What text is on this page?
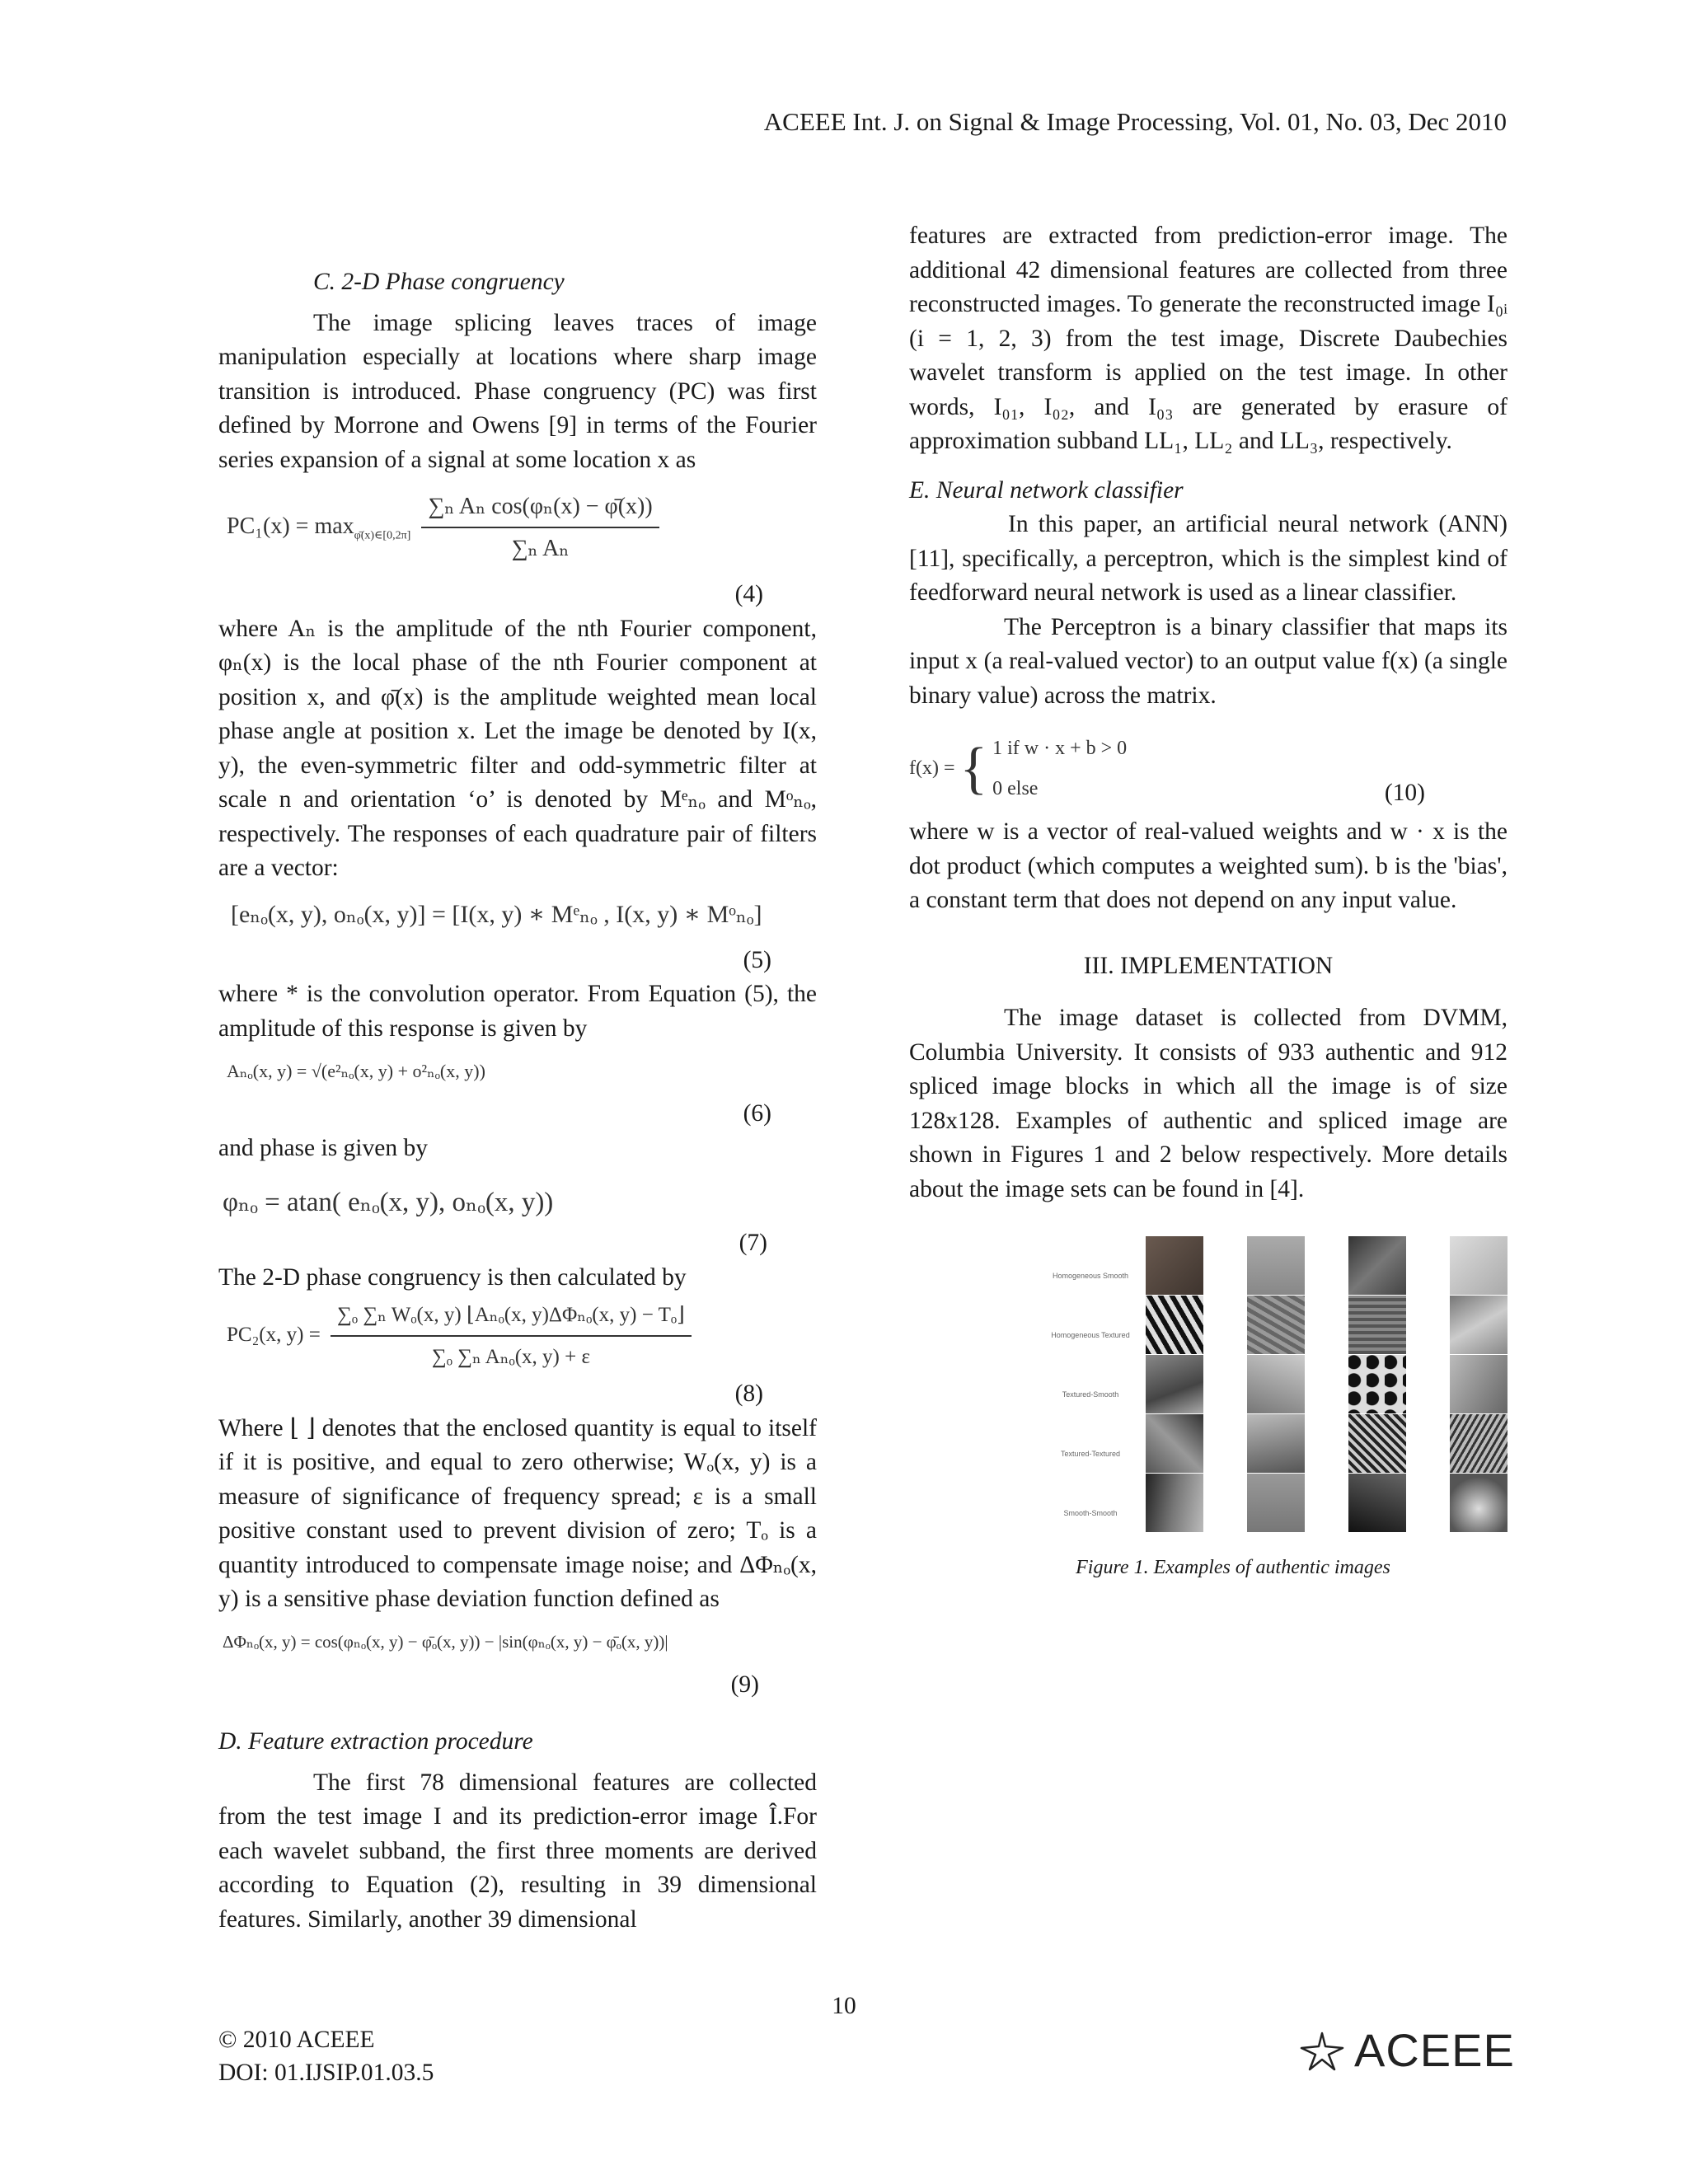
ACEEE Int. J. on Signal & Image Processing, Vol. 01, No. 03, Dec 2010
C. 2-D Phase congruency

The image splicing leaves traces of image manipulation especially at locations where sharp image transition is introduced. Phase congruency (PC) was first defined by Morrone and Owens [9] in terms of the Fourier series expansion of a signal at some location x as

$PC_1(x) = \max_{\varphī(x)\in[0,2\pi]} \frac{\text{∑ₙ Aₙ cos(φₙ(x) − φ̄(x))}}{\text{∑ₙ Aₙ}}$
(4)

where Aₙ is the amplitude of the nth Fourier component, φₙ(x) is the local phase of the nth Fourier component at position x, and φ̄(x) is the amplitude weighted mean local phase angle at position x. Let the image be denoted by I(x, y), the even-symmetric filter and odd-symmetric filter at scale n and orientation ‘o’ is denoted by Mᵉₙₒ and Mᵒₙₒ, respectively. The responses of each quadrature pair of filters are a vector:

[eₙₒ(x, y), oₙₒ(x, y)] = [I(x, y) ∗ Mᵉₙₒ , I(x, y) ∗ Mᵒₙₒ]
(5)

where * is the convolution operator. From Equation (5), the amplitude of this response is given by

Aₙₒ(x, y) = √(e²ₙₒ(x, y) + o²ₙₒ(x, y))
(6)

and phase is given by

φₙₒ = atan( eₙₒ(x, y), oₙₒ(x, y))
(7)

The 2-D phase congruency is then calculated by

PC₂(x, $y) = \frac{\text{∑ₒ ∑ₙ Wₒ(x, y) ⌊Aₙₒ(x, y)ΔΦₙₒ(x, y) − Tₒ⌋}}{\text{∑ₒ ∑ₙ Aₙₒ(x, y) + ε}}$
(8)

Where ⌊ ⌋ denotes that the enclosed quantity is equal to itself if it is positive, and equal to zero otherwise; Wₒ(x, y) is a measure of significance of frequency spread; ε is a small positive constant used to prevent division of zero; Tₒ is a quantity introduced to compensate image noise; and ΔΦₙₒ(x, y) is a sensitive phase deviation function defined as

ΔΦₙₒ(x, y) = cos(φₙₒ(x, y) − φ̄ₒ(x, y)) − |sin(φₙₒ(x, y) − φ̄ₒ(x, y))|
(9)
D. Feature extraction procedure

The first 78 dimensional features are collected from the test image I and its prediction-error image Î.For each wavelet subband, the first three moments are derived according to Equation (2), resulting in 39 dimensional features. Similarly, another 39 dimensional

features are extracted from prediction-error image. The additional 42 dimensional features are collected from three reconstructed images. To generate the reconstructed image I₀ᵢ (i = 1, 2, 3) from the test image, Discrete Daubechies wavelet transform is applied on the test image. In other words, I₀₁, I₀₂, and I₀₃ are generated by erasure of approximation subband LL₁, LL₂ and LL₃, respectively.

E. Neural network classifier

In this paper, an artificial neural network (ANN) [11], specifically, a perceptron, which is the simplest kind of feedforward neural network is used as a linear classifier.

The Perceptron is a binary classifier that maps its input x (a real-valued vector) to an output value f(x) (a single binary value) across the matrix.

f(x) = { 1 if w · x + b > 0
0 else	(10)

where w is a vector of real-valued weights and w · x is the dot product (which computes a weighted sum). b is the 'bias', a constant term that does not depend on any input value.

III. IMPLEMENTATION

The image dataset is collected from DVMM, Columbia University. It consists of 933 authentic and 912 spliced image blocks in which all the image is of size 128x128. Examples of authentic and spliced image are shown in Figures 1 and 2 below respectively. More details about the image sets can be found in [4].

Homogeneous Smooth
Homogeneous Textured
Textured-Smooth
Textured-Textured
Smooth-Smooth
Figure 1. Examples of authentic images
10
© 2010 ACEEE
DOI: 01.IJSIP.01.03.5	ACEEE
